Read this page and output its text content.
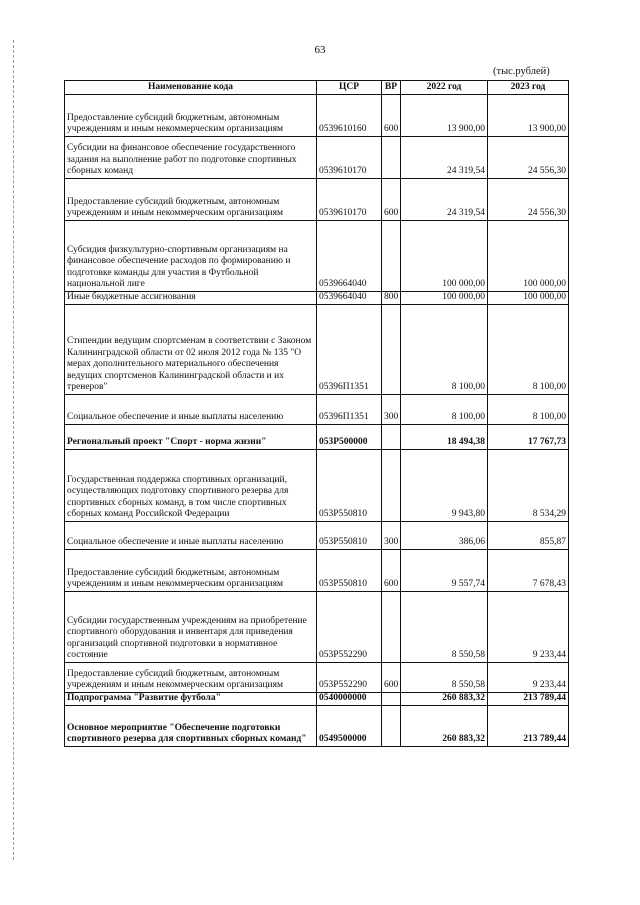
63
(тыс.рублей)
Наименование кода	ЦСР	ВР	2022 год	2023 год
Предоставление субсидий бюджетным, автономным учреждениям и иным некоммерческим организациям	0539610160	600	13 900,00	13 900,00
Субсидии на финансовое обеспечение государственного задания на выполнение работ по подготовке спортивных сборных команд	0539610170		24 319,54	24 556,30
Предоставление субсидий бюджетным, автономным учреждениям и иным некоммерческим организациям	0539610170	600	24 319,54	24 556,30
Субсидия физкультурно-спортивным организациям на финансовое обеспечение расходов по формированию и подготовке команды для участия в Футбольной национальной лиге	0539664040		100 000,00	100 000,00
Иные бюджетные ассигнования	0539664040	800	100 000,00	100 000,00
Стипендии ведущим спортсменам в соответствии с Законом Калининградской области от 02 июля 2012 года № 135 "О мерах дополнительного материального обеспечения ведущих спортсменов Калининградской области и их тренеров"	05396П1351		8 100,00	8 100,00
Социальное обеспечение и иные выплаты населению	05396П1351	300	8 100,00	8 100,00
Региональный проект "Спорт - норма жизни"	053P500000		18 494,38	17 767,73
Государственная поддержка спортивных организаций, осуществляющих подготовку спортивного резерва для спортивных сборных команд, в том числе спортивных сборных команд Российской Федерации	053P550810		9 943,80	8 534,29
Социальное обеспечение и иные выплаты населению	053P550810	300	386,06	855,87
Предоставление субсидий бюджетным, автономным учреждениям и иным некоммерческим организациям	053P550810	600	9 557,74	7 678,43
Субсидии государственным учреждениям на приобретение спортивного оборудования и инвентаря для приведения организаций спортивной подготовки в нормативное состояние	053P552290		8 550,58	9 233,44
Предоставление субсидий бюджетным, автономным учреждениям и иным некоммерческим организациям	053P552290	600	8 550,58	9 233,44
Подпрограмма "Развитие футбола"	0540000000		260 883,32	213 789,44
Основное мероприятие "Обеспечение подготовки спортивного резерва для спортивных сборных команд"	0549500000		260 883,32	213 789,44
